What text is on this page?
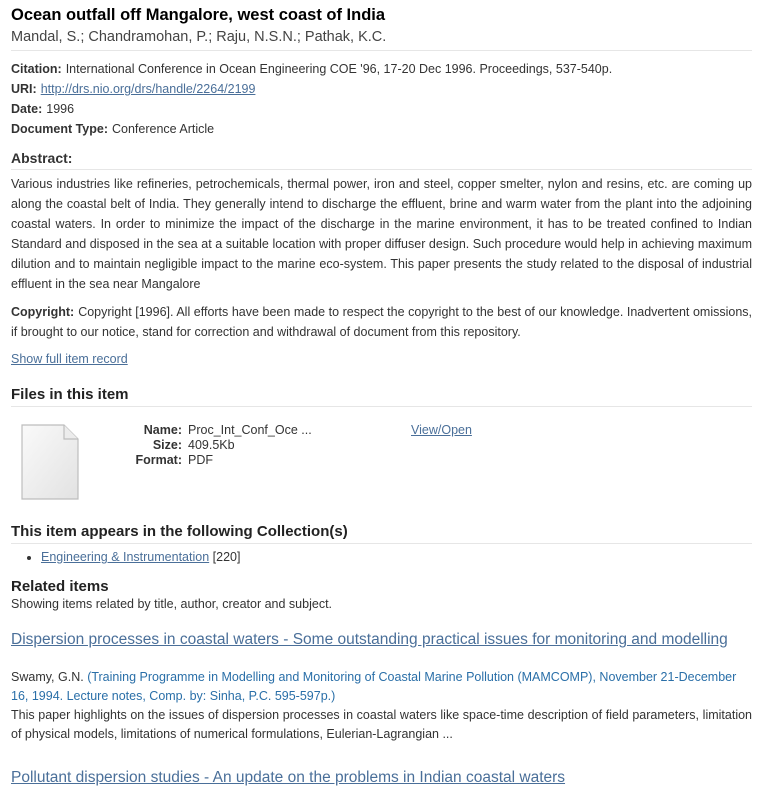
Ocean outfall off Mangalore, west coast of India
Mandal, S.; Chandramohan, P.; Raju, N.S.N.; Pathak, K.C.
Citation: International Conference in Ocean Engineering COE '96, 17-20 Dec 1996. Proceedings, 537-540p.
URI: http://drs.nio.org/drs/handle/2264/2199
Date: 1996
Document Type: Conference Article
Abstract:
Various industries like refineries, petrochemicals, thermal power, iron and steel, copper smelter, nylon and resins, etc. are coming up along the coastal belt of India. They generally intend to discharge the effluent, brine and warm water from the plant into the adjoining coastal waters. In order to minimize the impact of the discharge in the marine environment, it has to be treated confined to Indian Standard and disposed in the sea at a suitable location with proper diffuser design. Such procedure would help in achieving maximum dilution and to maintain negligible impact to the marine eco-system. This paper presents the study related to the disposal of industrial effluent in the sea near Mangalore
Copyright: Copyright [1996]. All efforts have been made to respect the copyright to the best of our knowledge. Inadvertent omissions, if brought to our notice, stand for correction and withdrawal of document from this repository.
Show full item record
Files in this item
Name: Proc_Int_Conf_Oce ...
Size: 409.5Kb
Format: PDF
View/Open
This item appears in the following Collection(s)
• Engineering & Instrumentation [220]
Related items
Showing items related by title, author, creator and subject.
Dispersion processes in coastal waters - Some outstanding practical issues for monitoring and modelling
Swamy, G.N. (Training Programme in Modelling and Monitoring of Coastal Marine Pollution (MAMCOMP), November 21-December 16, 1994. Lecture notes, Comp. by: Sinha, P.C. 595-597p.)
This paper highlights on the issues of dispersion processes in coastal waters like space-time description of field parameters, limitation of physical models, limitations of numerical formulations, Eulerian-Lagrangian ...
Pollutant dispersion studies - An update on the problems in Indian coastal waters
